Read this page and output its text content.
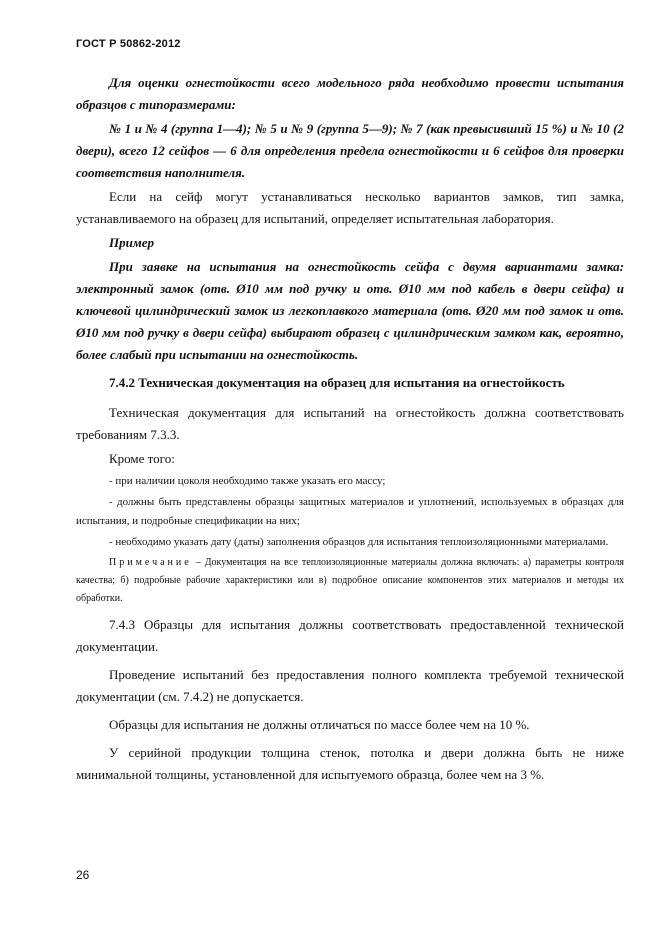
ГОСТ Р 50862-2012

Для оценки огнестойкости всего модельного ряда необходимо провести испытания образцов с типоразмерами:

№ 1 и № 4 (группа 1—4); № 5 и № 9 (группа 5—9); № 7 (как превысивший 15 %) и № 10 (2 двери), всего 12 сейфов — 6 для определения предела огнестойкости и 6 сейфов для проверки соответствия наполнителя.

Если на сейф могут устанавливаться несколько вариантов замков, тип замка, устанавливаемого на образец для испытаний, определяет испытательная лаборатория.

Пример

При заявке на испытания на огнестойкость сейфа с двумя вариантами замка: электронный замок (отв. Ø10 мм под ручку и отв. Ø10 мм под кабель в двери сейфа) и ключевой цилиндрический замок из легкоплавкого материала (отв. Ø20 мм под замок и отв. Ø10 мм под ручку в двери сейфа) выбирают образец с цилиндрическим замком как, вероятно, более слабый при испытании на огнестойкость.

7.4.2 Техническая документация на образец для испытания на огнестойкость

Техническая документация для испытаний на огнестойкость должна соответствовать требованиям 7.3.3.

Кроме того:

- при наличии цоколя необходимо также указать его массу;

- должны быть представлены образцы защитных материалов и уплотнений, используемых в образцах для испытания, и подробные спецификации на них;

- необходимо указать дату (даты) заполнения образцов для испытания теплоизоляционными материалами.

Примечание – Документация на все теплоизоляционные материалы должна включать: а) параметры контроля качества; б) подробные рабочие характеристики или в) подробное описание компонентов этих материалов и методы их обработки.

7.4.3 Образцы для испытания должны соответствовать предоставленной технической документации.

Проведение испытаний без предоставления полного комплекта требуемой технической документации (см. 7.4.2) не допускается.

Образцы для испытания не должны отличаться по массе более чем на 10 %.

У серийной продукции толщина стенок, потолка и двери должна быть не ниже минимальной толщины, установленной для испытуемого образца, более чем на 3 %.

26
